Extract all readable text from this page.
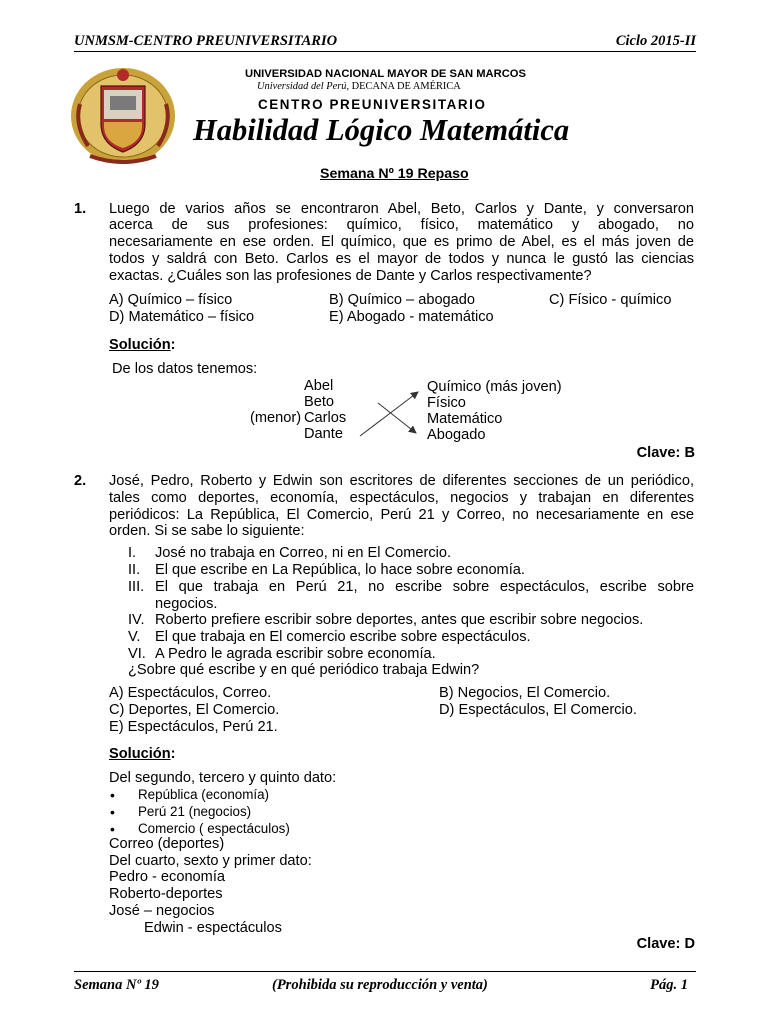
UNMSM-CENTRO PREUNIVERSITARIO	Ciclo 2015-II
UNIVERSIDAD NACIONAL MAYOR DE SAN MARCOS
Universidad del Perú, DECANA DE AMÉRICA
CENTRO PREUNIVERSITARIO
Habilidad Lógico Matemática
Semana Nº 19 Repaso
1. Luego de varios años se encontraron Abel, Beto, Carlos y Dante, y conversaron
acerca de sus profesiones: químico, físico, matemático y abogado, no
necesariamente en ese orden. El químico, que es primo de Abel, es el más joven de
todos y saldrá con Beto. Carlos es el mayor de todos y nunca le gustó las ciencias
exactas. ¿Cuáles son las profesiones de Dante y Carlos respectivamente?
A) Químico – físico	B) Químico – abogado	C) Físico - químico
D) Matemático – físico	E) Abogado - matemático
Solución:
De los datos tenemos:
Abel
Beto
(menor) Carlos
Dante
Químico (más joven)
Físico
Matemático
Abogado
Clave: B
2. José, Pedro, Roberto y Edwin son escritores de diferentes secciones de un periódico,
tales como deportes, economía, espectáculos, negocios y trabajan en diferentes
periódicos: La República, El Comercio, Perú 21 y Correo, no necesariamente en ese
orden. Si se sabe lo siguiente:
I. José no trabaja en Correo, ni en El Comercio.
II. El que escribe en La República, lo hace sobre economía.
III. El que trabaja en Perú 21, no escribe sobre espectáculos, escribe sobre
negocios.
IV. Roberto prefiere escribir sobre deportes, antes que escribir sobre negocios.
V. El que trabaja en El comercio escribe sobre espectáculos.
VI. A Pedro le agrada escribir sobre economía.
¿Sobre qué escribe y en qué periódico trabaja Edwin?
A) Espectáculos, Correo.	B) Negocios, El Comercio.
C) Deportes, El Comercio.	D) Espectáculos, El Comercio.
E) Espectáculos, Perú 21.
Solución:
Del segundo, tercero y quinto dato:
• República (economía)
• Perú 21 (negocios)
• Comercio ( espectáculos)
Correo (deportes)
Del cuarto, sexto y primer dato:
Pedro - economía
Roberto-deportes
José – negocios
Edwin - espectáculos
Clave: D
Semana Nº 19	(Prohibida su reproducción y venta)	Pág. 1
